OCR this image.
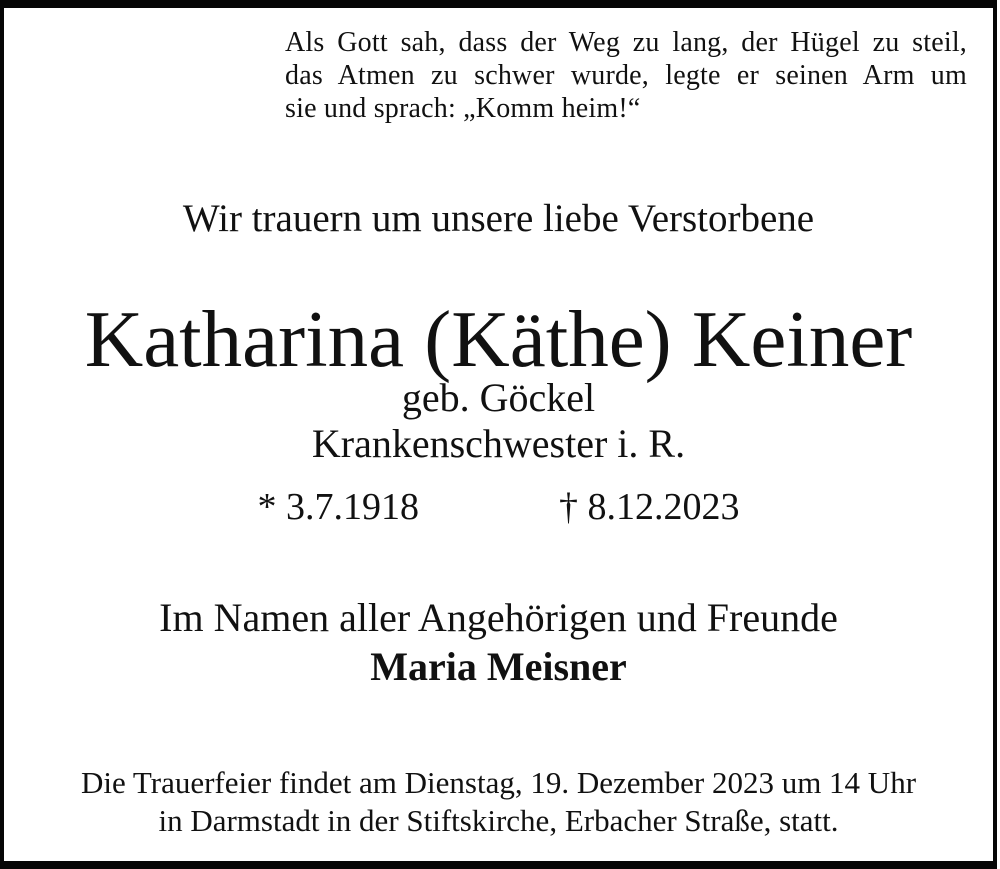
Als Gott sah, dass der Weg zu lang, der Hügel zu steil,
das Atmen zu schwer wurde, legte er seinen Arm um
sie und sprach: „Komm heim!“
Wir trauern um unsere liebe Verstorbene
Katharina (Käthe) Keiner
geb. Göckel
Krankenschwester i. R.
* 3.7.1918	† 8.12.2023
Im Namen aller Angehörigen und Freunde
Maria Meisner
Die Trauerfeier findet am Dienstag, 19. Dezember 2023 um 14 Uhr
in Darmstadt in der Stiftskirche, Erbacher Straße, statt.
